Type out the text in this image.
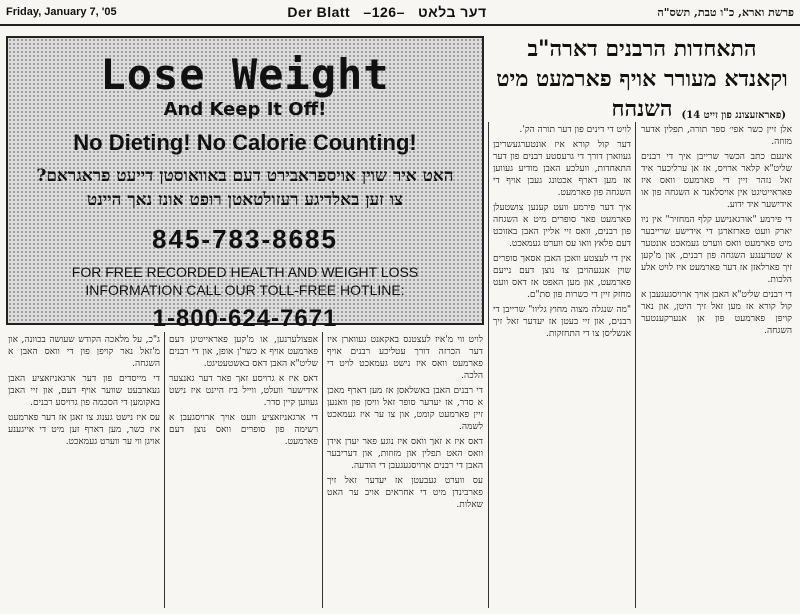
Friday, January 7, '05	Der Blatt   –126–   דער בלאט	פרשת וארא, כ"ו טבת, תשס"ה
Lose Weight
And Keep It Off!
No Dieting! No Calorie Counting!
האט איר שוין אויספראבירט דעם באוואוסטן דייעט פראגראם?
צו זען באלדיגע רעזולטאטן רופט אונז נאך היינט
845-783-8685
FOR FREE RECORDED HEALTH AND WEIGHT LOSS INFORMATION CALL OUR TOLL-FREE HOTLINE:
1-800-624-7671
התאחדות הרבנים דארה"ב וקאנדא מעורר אויף פארמעט מיט השנהח (פאראזעצונג פון זייט 14)

אלן זיין כשר אפי׳ ספר תורה, תפלין אדער מזוזה.

אינעם כתב הכשר שרייבן איך די רבנים שליט"א קלאר ארויס, אז אן ערליכער איד זאל נזהר זיין די פארמעט וואס איז פאראייטיגט אין אויסלאנד א השגחה פון או אידישער איד ידוע.

די פירמע "אורגאנישע קלף המחזיר" אין ניו יארק וועט פארזארגן די אידישע שרייבער מיט פארמעט וואס ווערט געמאכט אונטער א שטרענגע השגחה פון רבנים, און מ'קען זיך פארלאזן אז דער פארמעט איז לויט אלע הלכות.

די רבנים שליט"א האבן אויך ארויסגעגעבן א קול קורא אז מען זאל זיך היטן, און נאר קויפן פארמעט פון אן אנערקענטער השגחה.

לויט די דינים פון דער תורה הק'.

דער קול קורא איז אונטערגעשריבן געווארן דורך די גרעסטע רבנים פון דער התאחדות, וועלכע האבן מודיע געווען אז מען דארף אכטונג געבן אויף די השגחה פון פארמעט.

איך דער פירמע וועט קענען צושטעלן פארמעט פאר סופרים מיט א השגחה פון רבנים, וואס זיי אליין האבן באזוכט דעם פלאץ וואו עס ווערט געמאכט.

אין די לעצטע וואכן האבן אסאך סופרים שוין אנגעהויבן צו נוצן דעם נייעם פארמעט, און מען האפט אז דאס וועט מחזק זיין די כשרות פון סת"ם.

"מה שנגלה מצוה מחוץ גליוו" שרייבן די רבנים, און זיי בעטן אז יעדער זאל זיך אנשליסן צו די התחזקות.

לויט ווי מ'איז לעצטנס באקאנט געווארן איז דער הכרזה דורך עטליכע רבנים אויף פארמעט וואס איז נישט געמאכט לויט די הלכה.

די רבנים האבן באשלאסן אז מען דארף מאכן א סדר, אז יעדער סופר זאל וויסן פון וואנען זיין פארמעט קומט, און צו ער איז געמאכט לשמה.

דאס איז א זאך וואס איז נוגע פאר יעדן אידן וואס האט תפלין און מזוזות, און דעריבער האבן די רבנים ארויסגעגעבן די הודעה.

עס ווערט געבעטן אז יעדער זאל זיך פארבינדן מיט די אחראים אויב ער האט שאלות.

אפצולערנען, או מ'קען פאראייטיגן דעם פארמעט אויף א כשר'ן אופן, און די רבנים שליט"א האבן דאס באשטעטיגט.

דאס איז א גרויסע זאך פאר דער גאנצער אידישער וועלט, ווייל ביז היינט איז נישט געווען קיין סדר.

די ארגאניזאציע וועט אויך ארויסגעבן א רשימה פון סופרים וואס נוצן דעם פארמעט.

ג"כ, על מלאכה הקודש שעושה בכוונה, און מ'זאל נאר קויפן פון די וואס האבן א השגחה.

די מייסדים פון דער ארגאניזאציע האבן געארבעט שווער אויף דעם, און זיי האבן באקומען די הסכמה פון גרויסע רבנים.

עס איז נישט גענוג צו זאגן אז דער פארמעט איז כשר, מען דארף זען מיט די אייגענע אויגן ווי ער ווערט געמאכט.
